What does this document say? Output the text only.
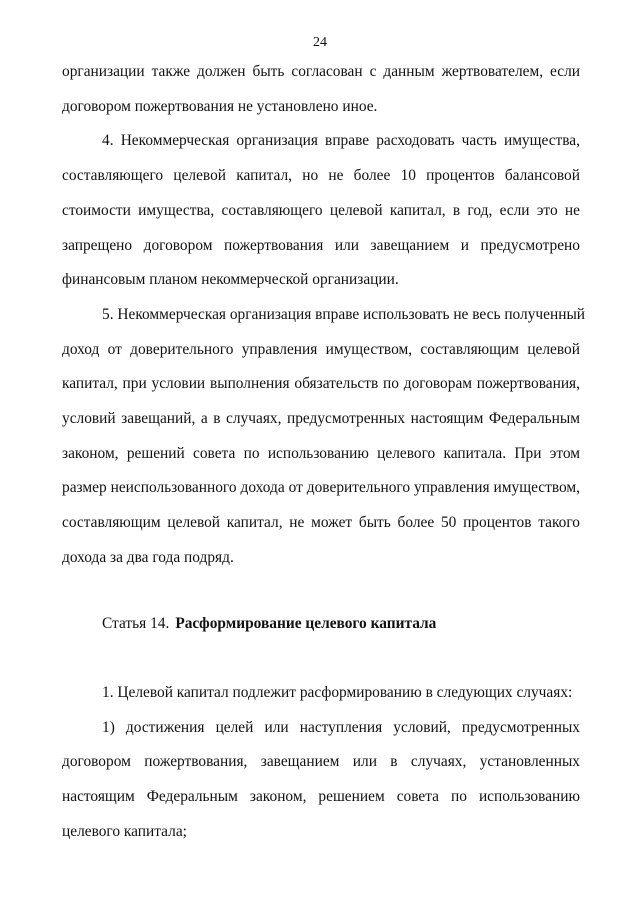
24
организации также должен быть согласован с данным жертвователем, если
договором пожертвования не установлено иное.
4. Некоммерческая организация вправе расходовать часть имущества,
составляющего целевой капитал, но не более 10 процентов балансовой
стоимости имущества, составляющего целевой капитал, в год, если это не
запрещено договором пожертвования или завещанием и предусмотрено
финансовым планом некоммерческой организации.
5. Некоммерческая организация вправе использовать не весь полученный
доход от доверительного управления имуществом, составляющим целевой
капитал, при условии выполнения обязательств по договорам пожертвования,
условий завещаний, а в случаях, предусмотренных настоящим Федеральным
законом, решений совета по использованию целевого капитала. При этом
размер неиспользованного дохода от доверительного управления имуществом,
составляющим целевой капитал, не может быть более 50 процентов такого
дохода за два года подряд.
Статья 14. Расформирование целевого капитала
1. Целевой капитал подлежит расформированию в следующих случаях:
1) достижения целей или наступления условий, предусмотренных
договором пожертвования, завещанием или в случаях, установленных
настоящим Федеральным законом, решением совета по использованию
целевого капитала;
